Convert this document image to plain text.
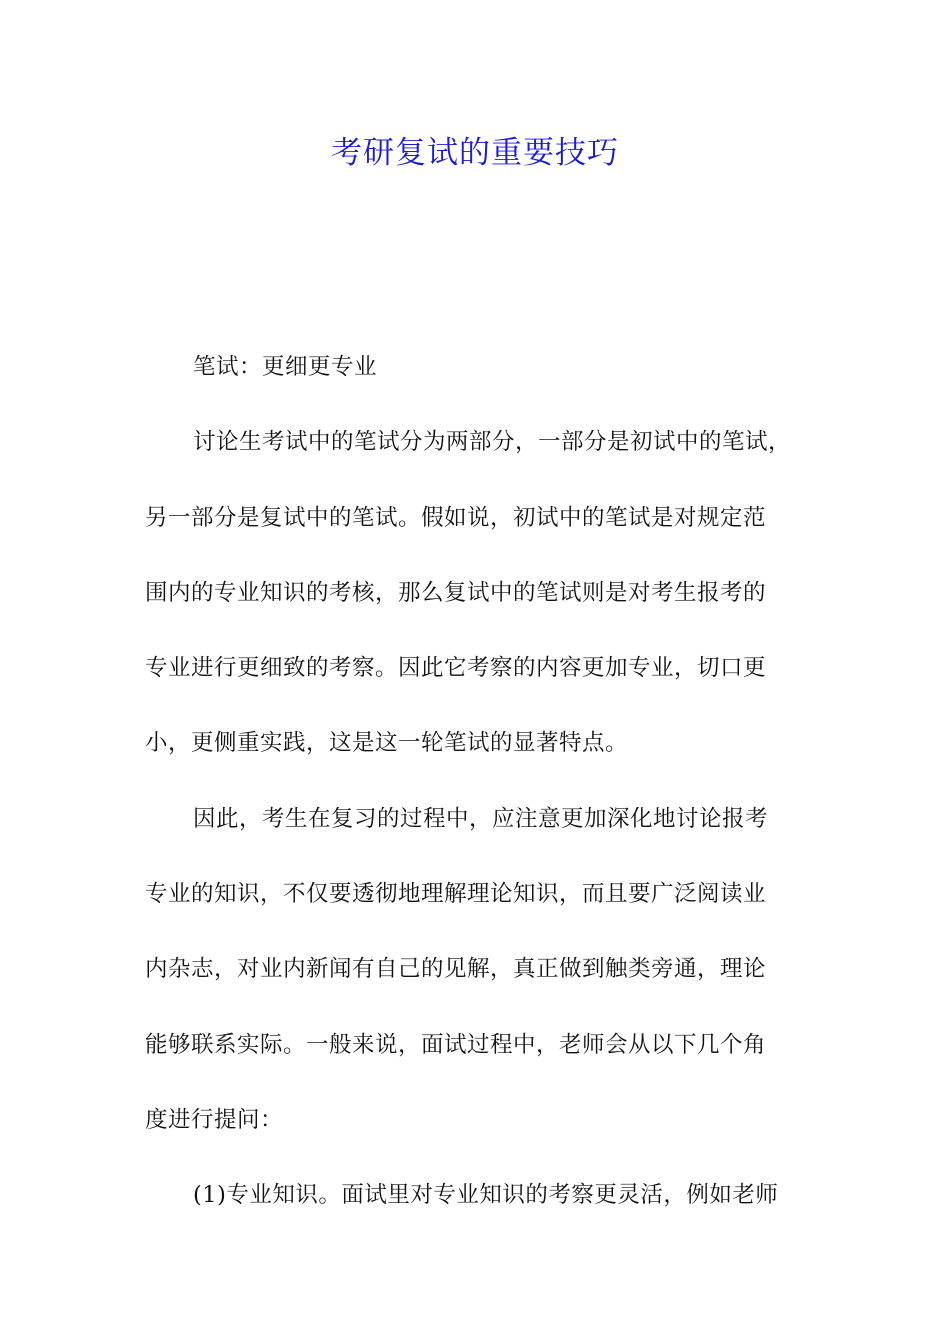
考研复试的重要技巧
笔试：更细更专业
讨论生考试中的笔试分为两部分，一部分是初试中的笔试，
另一部分是复试中的笔试。假如说，初试中的笔试是对规定范
围内的专业知识的考核，那么复试中的笔试则是对考生报考的
专业进行更细致的考察。因此它考察的内容更加专业，切口更
小，更侧重实践，这是这一轮笔试的显著特点。
因此，考生在复习的过程中，应注意更加深化地讨论报考
专业的知识，不仅要透彻地理解理论知识，而且要广泛阅读业
内杂志，对业内新闻有自己的见解，真正做到触类旁通，理论
能够联系实际。一般来说，面试过程中，老师会从以下几个角
度进行提问：
(1)专业知识。面试里对专业知识的考察更灵活，例如老师
